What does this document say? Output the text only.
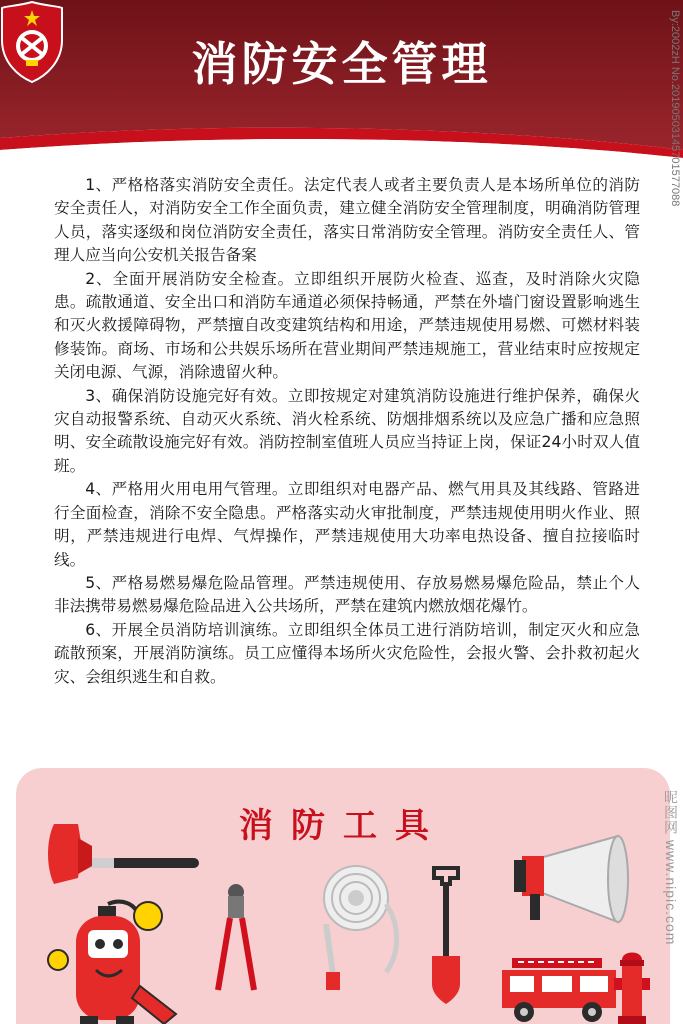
消防安全管理	By:2002zH No.20190503145701577088

1、严格格落实消防安全责任。法定代表人或者主要负责人是本场所单位的消防安全责任人，对消防安全工作全面负责，建立健全消防安全管理制度，明确消防管理人员，落实逐级和岗位消防安全责任，落实日常消防安全管理。消防安全责任人、管理人应当向公安机关报告备案

2、全面开展消防安全检查。立即组织开展防火检查、巡查，及时消除火灾隐患。疏散通道、安全出口和消防车通道必须保持畅通，严禁在外墙门窗设置影响逃生和灭火救援障碍物，严禁擅自改变建筑结构和用途，严禁违规使用易燃、可燃材料装修装饰。商场、市场和公共娱乐场所在营业期间严禁违规施工，营业结束时应按规定关闭电源、气源，消除遗留火种。

3、确保消防设施完好有效。立即按规定对建筑消防设施进行维护保养，确保火灾自动报警系统、自动灭火系统、消火栓系统、防烟排烟系统以及应急广播和应急照明、安全疏散设施完好有效。消防控制室值班人员应当持证上岗，保证24小时双人值班。

4、严格用火用电用气管理。立即组织对电器产品、燃气用具及其线路、管路进行全面检查，消除不安全隐患。严格落实动火审批制度，严禁违规使用明火作业、照明，严禁违规进行电焊、气焊操作，严禁违规使用大功率电热设备、擅自拉接临时线。

5、严格易燃易爆危险品管理。严禁违规使用、存放易燃易爆危险品，禁止个人非法携带易燃易爆危险品进入公共场所，严禁在建筑内燃放烟花爆竹。

6、开展全员消防培训演练。立即组织全体员工进行消防培训，制定灭火和应急疏散预案，开展消防演练。员工应懂得本场所火灾危险性，会报火警、会扑救初起火灾、会组织逃生和自救。

消防工具	昵图网 www.nipic.com
